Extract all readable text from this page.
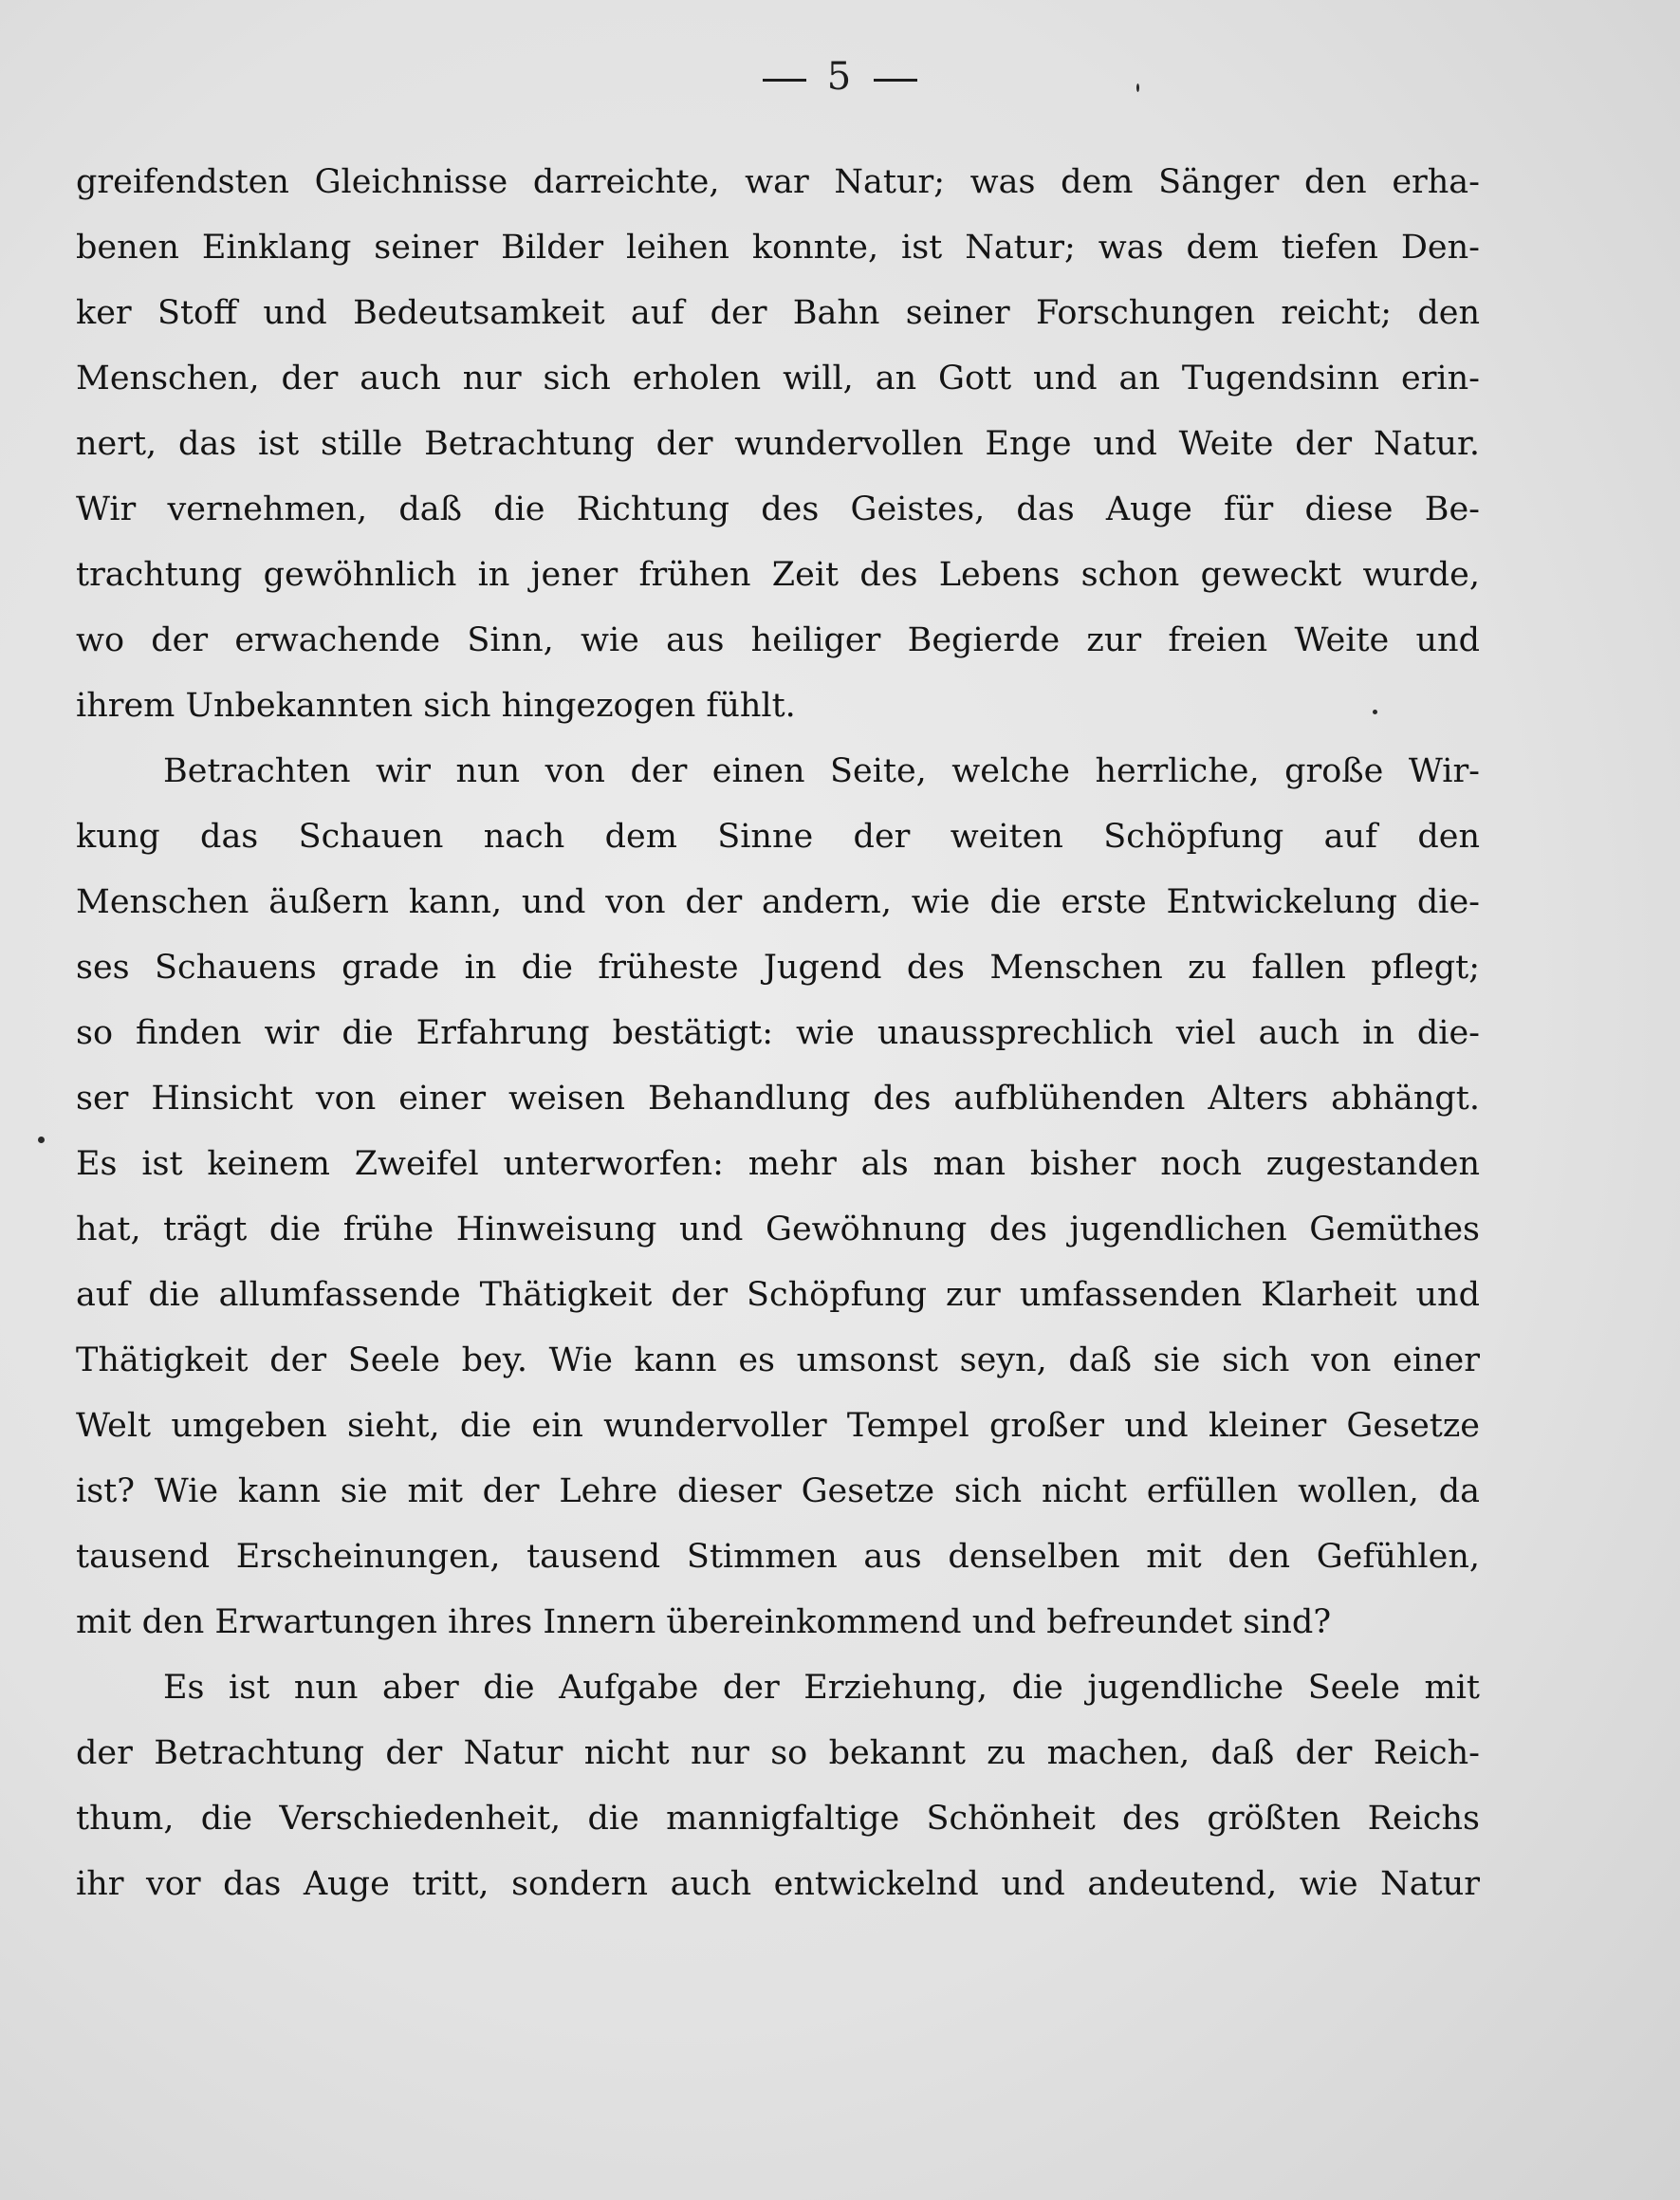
5
greifendsten Gleichnisse darreichte, war Natur; was dem Sänger den erha-
benen Einklang seiner Bilder leihen konnte, ist Natur; was dem tiefen Den-
ker Stoff und Bedeutsamkeit auf der Bahn seiner Forschungen reicht; den
Menschen, der auch nur sich erholen will, an Gott und an Tugendsinn erin-
nert, das ist stille Betrachtung der wundervollen Enge und Weite der Natur.
Wir vernehmen, daß die Richtung des Geistes, das Auge für diese Be-
trachtung gewöhnlich in jener frühen Zeit des Lebens schon geweckt wurde,
wo der erwachende Sinn, wie aus heiliger Begierde zur freien Weite und
ihrem Unbekannten sich hingezogen fühlt.
Betrachten wir nun von der einen Seite, welche herrliche, große Wir-
kung das Schauen nach dem Sinne der weiten Schöpfung auf den
Menschen äußern kann, und von der andern, wie die erste Entwickelung die-
ses Schauens grade in die früheste Jugend des Menschen zu fallen pflegt;
so finden wir die Erfahrung bestätigt: wie unaussprechlich viel auch in die-
ser Hinsicht von einer weisen Behandlung des aufblühenden Alters abhängt.
Es ist keinem Zweifel unterworfen: mehr als man bisher noch zugestanden
hat, trägt die frühe Hinweisung und Gewöhnung des jugendlichen Gemüthes
auf die allumfassende Thätigkeit der Schöpfung zur umfassenden Klarheit und
Thätigkeit der Seele bey. Wie kann es umsonst seyn, daß sie sich von einer
Welt umgeben sieht, die ein wundervoller Tempel großer und kleiner Gesetze
ist? Wie kann sie mit der Lehre dieser Gesetze sich nicht erfüllen wollen, da
tausend Erscheinungen, tausend Stimmen aus denselben mit den Gefühlen,
mit den Erwartungen ihres Innern übereinkommend und befreundet sind?
Es ist nun aber die Aufgabe der Erziehung, die jugendliche Seele mit
der Betrachtung der Natur nicht nur so bekannt zu machen, daß der Reich-
thum, die Verschiedenheit, die mannigfaltige Schönheit des größten Reichs
ihr vor das Auge tritt, sondern auch entwickelnd und andeutend, wie Natur
